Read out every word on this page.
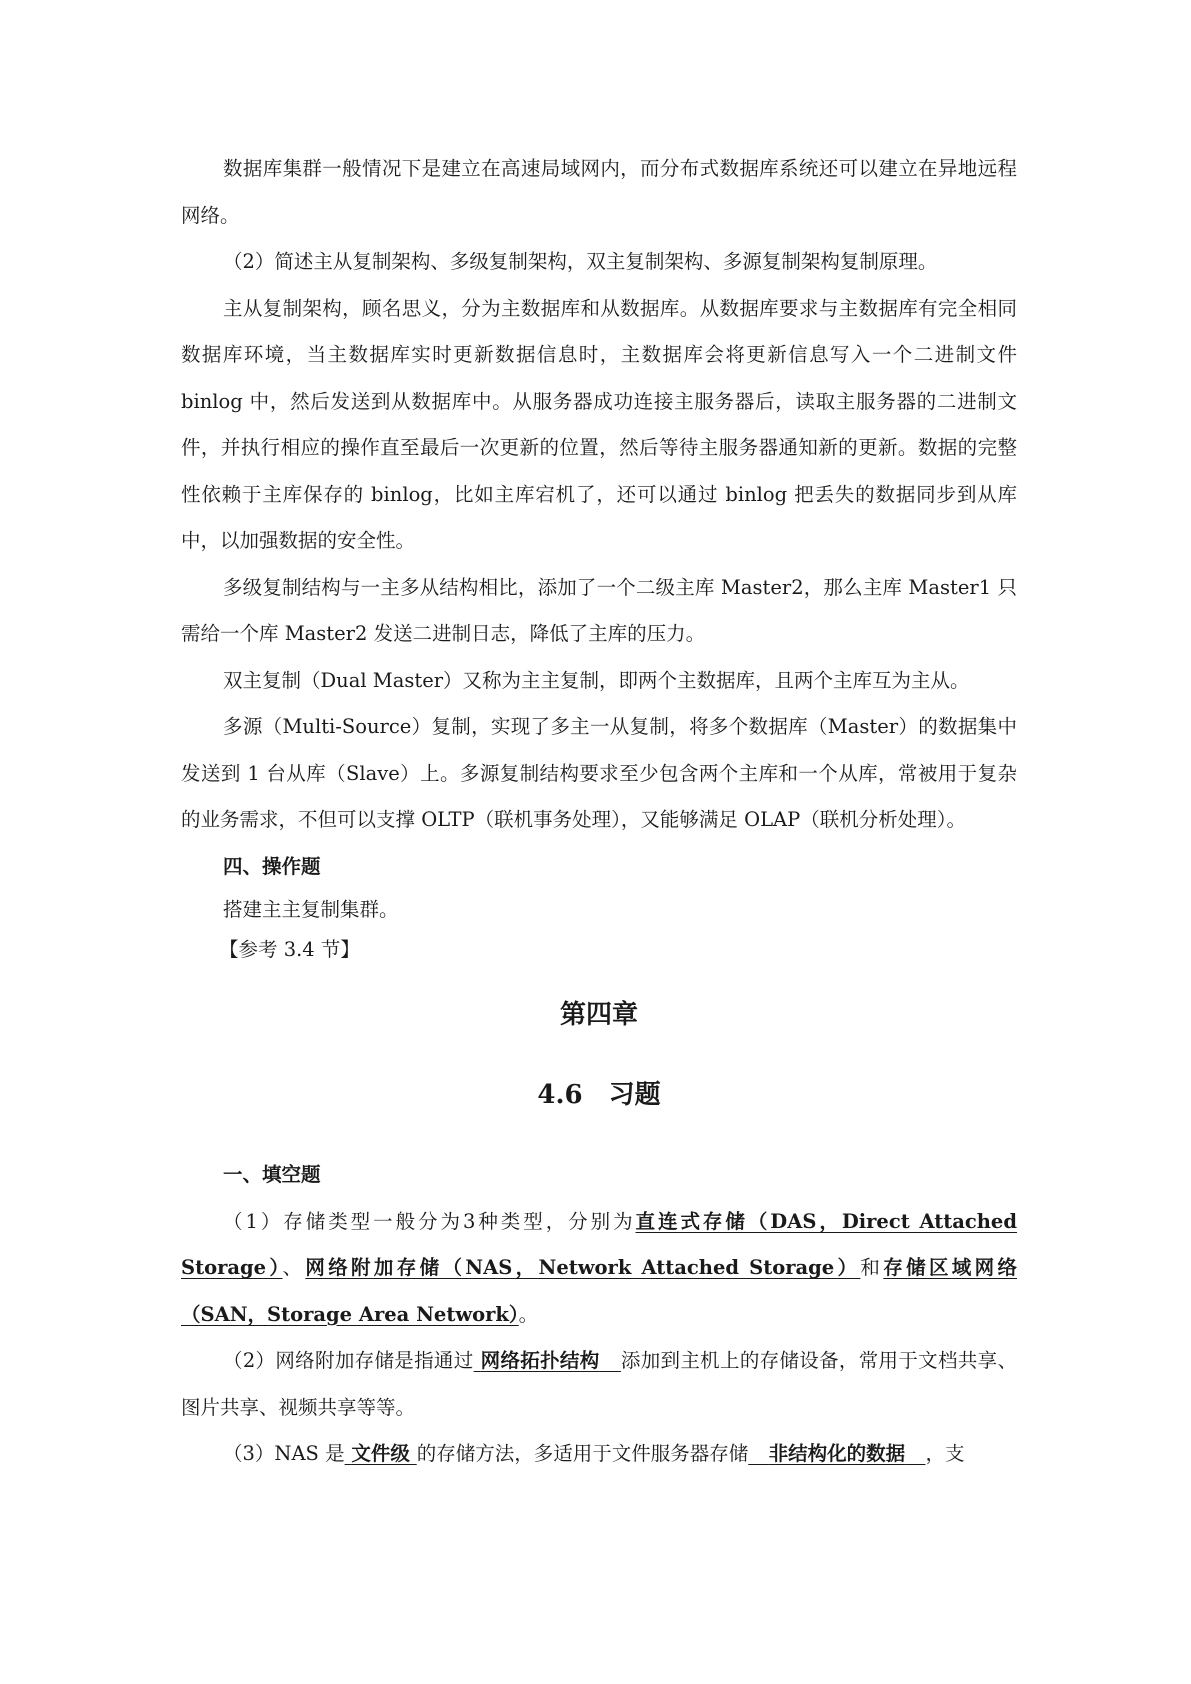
数据库集群一般情况下是建立在高速局域网内，而分布式数据库系统还可以建立在异地远程网络。

（2）简述主从复制架构、多级复制架构，双主复制架构、多源复制架构复制原理。

主从复制架构，顾名思义，分为主数据库和从数据库。从数据库要求与主数据库有完全相同数据库环境，当主数据库实时更新数据信息时，主数据库会将更新信息写入一个二进制文件 binlog 中，然后发送到从数据库中。从服务器成功连接主服务器后，读取主服务器的二进制文件，并执行相应的操作直至最后一次更新的位置，然后等待主服务器通知新的更新。数据的完整性依赖于主库保存的 binlog，比如主库宕机了，还可以通过 binlog 把丢失的数据同步到从库中，以加强数据的安全性。

多级复制结构与一主多从结构相比，添加了一个二级主库 Master2，那么主库 Master1 只需给一个库 Master2 发送二进制日志，降低了主库的压力。

双主复制（Dual Master）又称为主主复制，即两个主数据库，且两个主库互为主从。

多源（Multi-Source）复制，实现了多主一从复制，将多个数据库（Master）的数据集中发送到 1 台从库（Slave）上。多源复制结构要求至少包含两个主库和一个从库，常被用于复杂的业务需求，不但可以支撑 OLTP（联机事务处理），又能够满足 OLAP（联机分析处理）。

四、操作题

搭建主主复制集群。

【参考 3.4 节】

第四章

4.6　习题

一、填空题

（1）存储类型一般分为3种类型，分别为直连式存储（DAS，Direct Attached Storage）、网络附加存储（NAS，Network Attached Storage）和存储区域网络（SAN，Storage Area Network）。

（2）网络附加存储是指通过 网络拓扑结构 添加到主机上的存储设备，常用于文档共享、图片共享、视频共享等等。

（3）NAS 是 文件级 的存储方法，多适用于文件服务器存储 非结构化的数据 ，支
